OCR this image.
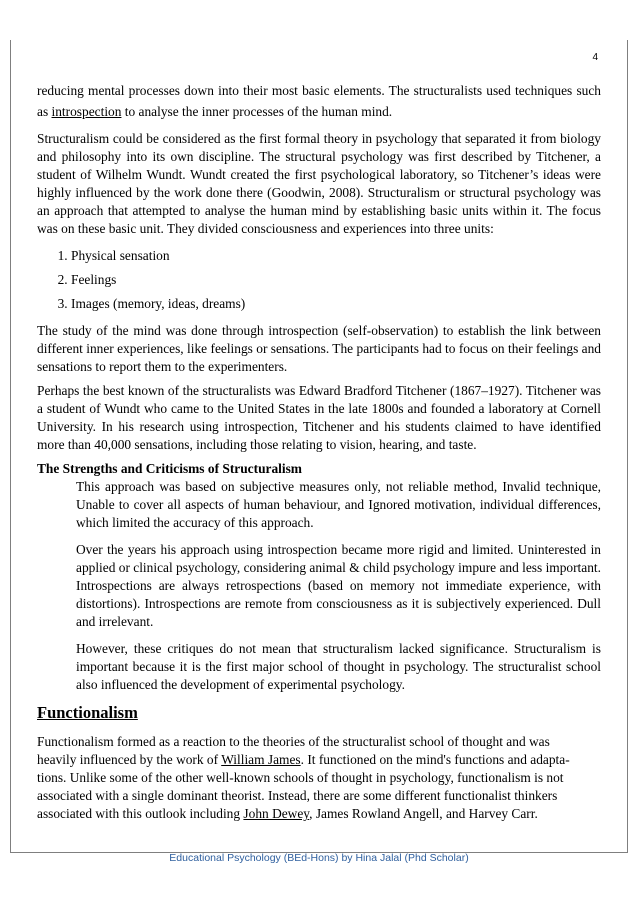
4

reducing mental processes down into their most basic elements. The structuralists used techniques such as introspection to analyse the inner processes of the human mind.

Structuralism could be considered as the first formal theory in psychology that separated it from biology and philosophy into its own discipline. The structural psychology was first described by Titchener, a student of Wilhelm Wundt. Wundt created the first psychological laboratory, so Titchener’s ideas were highly influenced by the work done there (Goodwin, 2008). Structuralism or structural psychology was an approach that attempted to analyse the human mind by establishing basic units within it. The focus was on these basic unit. They divided consciousness and experiences into three units:

1. Physical sensation
2. Feelings
3. Images (memory, ideas, dreams)

The study of the mind was done through introspection (self-observation) to establish the link between different inner experiences, like feelings or sensations. The participants had to focus on their feelings and sensations to report them to the experimenters.

Perhaps the best known of the structuralists was Edward Bradford Titchener (1867–1927). Titchener was a student of Wundt who came to the United States in the late 1800s and founded a laboratory at Cornell University. In his research using introspection, Titchener and his students claimed to have identified more than 40,000 sensations, including those relating to vision, hearing, and taste.

The Strengths and Criticisms of Structuralism

This approach was based on subjective measures only, not reliable method, Invalid technique, Unable to cover all aspects of human behaviour, and Ignored motivation, individual differences, which limited the accuracy of this approach.

Over the years his approach using introspection became more rigid and limited. Uninterested in applied or clinical psychology, considering animal & child psychology impure and less important. Introspections are always retrospections (based on memory not immediate experience, with distortions). Introspections are remote from consciousness as it is subjectively experienced. Dull and irrelevant.

However, these critiques do not mean that structuralism lacked significance. Structuralism is important because it is the first major school of thought in psychology. The structuralist school also influenced the development of experimental psychology.

Functionalism

Functionalism formed as a reaction to the theories of the structuralist school of thought and was

heavily influenced by the work of William James. It functioned on the mind's functions and adapta-

tions. Unlike some of the other well-known schools of thought in psychology, functionalism is not

associated with a single dominant theorist. Instead, there are some different functionalist thinkers

associated with this outlook including John Dewey, James Rowland Angell, and Harvey Carr.

Educational Psychology (BEd-Hons) by Hina Jalal (Phd Scholar)
